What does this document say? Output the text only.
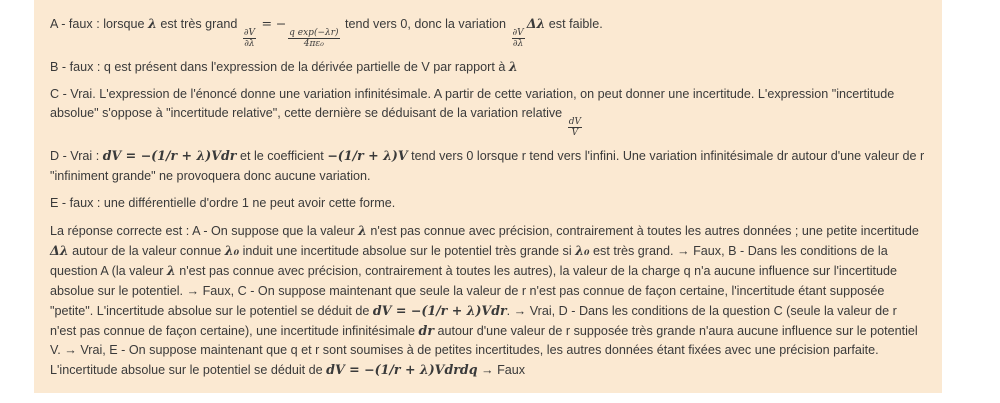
A - faux : lorsque λ est très grand
$\frac{\partial V}{\partial\lambda}$
= −
$\frac{\text{q exp(−λr)}}{\text{4πε₀}}$
tend vers 0, donc la variation
$\frac{\partial V}{\partial\lambda}$
Δλ est faible.

B - faux : q est présent dans l'expression de la dérivée partielle de V par rapport à λ

C - Vrai. L'expression de l'énoncé donne une variation infinitésimale. A partir de cette variation, on peut donner une incertitude. L'expression "incertitude absolue" s'oppose à "incertitude relative", cette dernière se déduisant de la variation relative
$\frac{dV}{V}$

D - Vrai : dV = −(1/r + λ)Vdr et le coefficient −(1/r + λ)V tend vers 0 lorsque r tend vers l'infini. Une variation infinitésimale dr autour d'une valeur de r "infiniment grande" ne provoquera donc aucune variation.

E - faux : une différentielle d'ordre 1 ne peut avoir cette forme.

La réponse correcte est : A - On suppose que la valeur λ n'est pas connue avec précision, contrairement à toutes les autres données ; une petite incertitude Δλ autour de la valeur connue λ₀ induit une incertitude absolue sur le potentiel très grande si λ₀ est très grand. → Faux, B - Dans les conditions de la question A (la valeur λ n'est pas connue avec précision, contrairement à toutes les autres), la valeur de la charge q n'a aucune influence sur l'incertitude absolue sur le potentiel. → Faux, C - On suppose maintenant que seule la valeur de r n'est pas connue de façon certaine, l'incertitude étant supposée "petite". L'incertitude absolue sur le potentiel se déduit de dV = −(1/r + λ)Vdr. → Vrai, D - Dans les conditions de la question C (seule la valeur de r n'est pas connue de façon certaine), une incertitude infinitésimale dr autour d'une valeur de r supposée très grande n'aura aucune influence sur le potentiel V. → Vrai, E - On suppose maintenant que q et r sont soumises à de petites incertitudes, les autres données étant fixées avec une précision parfaite. L'incertitude absolue sur le potentiel se déduit de dV = −(1/r + λ)Vdrdq → Faux
